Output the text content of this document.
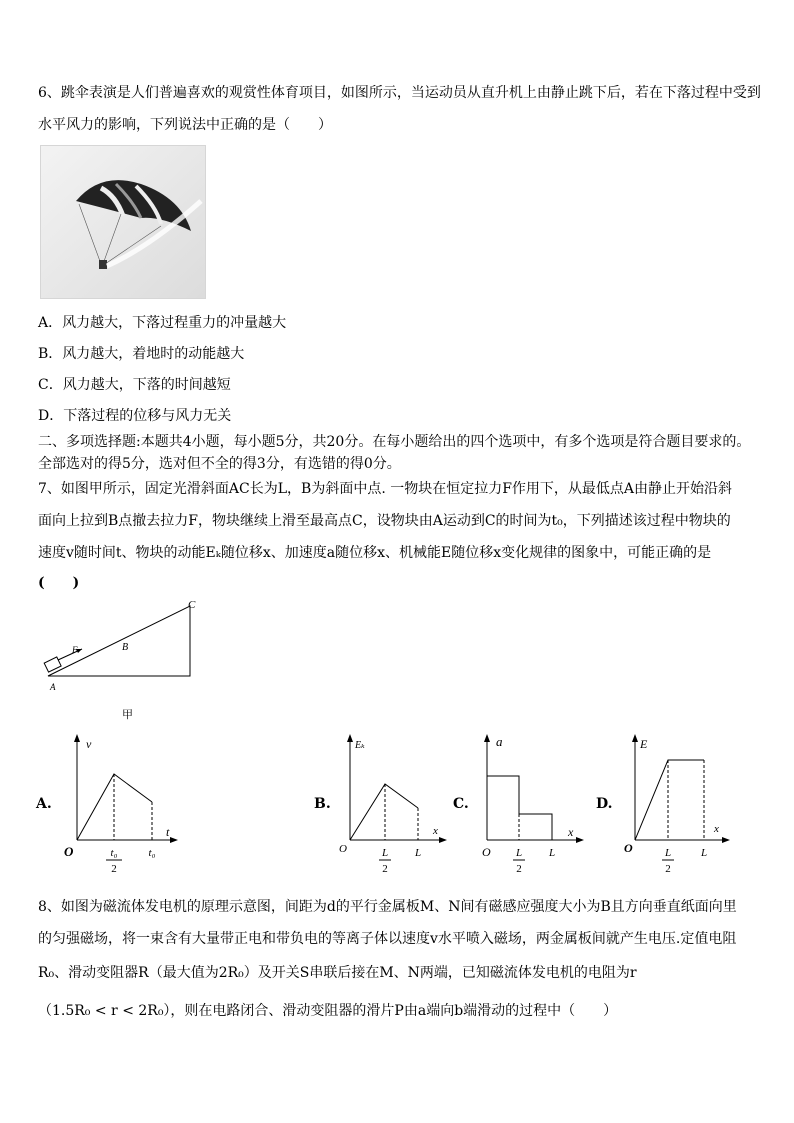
6、跳伞表演是人们普遍喜欢的观赏性体育项目，如图所示，当运动员从直升机上由静止跳下后，若在下落过程中受到
水平风力的影响，下列说法中正确的是（　　）
A．风力越大，下落过程重力的冲量越大
B．风力越大，着地时的动能越大
C．风力越大，下落的时间越短
D．下落过程的位移与风力无关
二、多项选择题:本题共4小题，每小题5分，共20分。在每小题给出的四个选项中，有多个选项是符合题目要求的。
全部选对的得5分，选对但不全的得3分，有选错的得0分。
7、如图甲所示，固定光滑斜面AC长为L，B为斜面中点. 一物块在恒定拉力F作用下，从最低点A由静止开始沿斜
面向上拉到B点撤去拉力F，物块继续上滑至最高点C，设物块由A运动到C的时间为t₀，下列描述该过程中物块的
速度v随时间t、物块的动能Eₖ随位移x、加速度a随位移x、机械能E随位移x变化规律的图象中，可能正确的是
(　　)
C
B
F
A
甲
A.	B.	C.	D.
v
t
O	t₀
2
t₀
Eₖ
x
O	L
2
L
a
x
O L
2
L
E
x
O	L
2
L
8、如图为磁流体发电机的原理示意图，间距为d的平行金属板M、N间有磁感应强度大小为B且方向垂直纸面向里
的匀强磁场，将一束含有大量带正电和带负电的等离子体以速度v水平喷入磁场，两金属板间就产生电压.定值电阻
R₀、滑动变阻器R（最大值为2R₀）及开关S串联后接在M、N两端，已知磁流体发电机的电阻为r
（1.5R₀ < r < 2R₀），则在电路闭合、滑动变阻器的滑片P由a端向b端滑动的过程中（　　）
